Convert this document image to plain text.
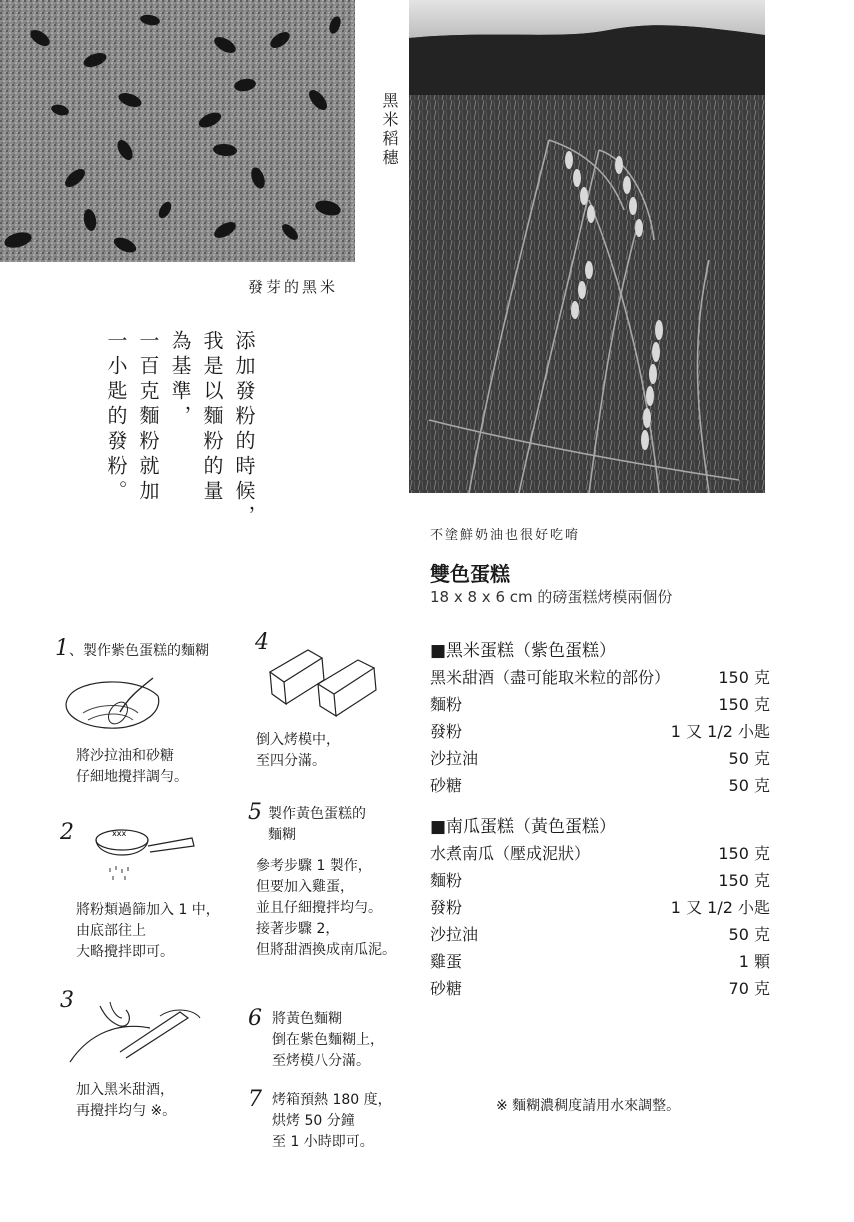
發芽的黑米
黑米稻穗
添加發粉的時候，
我是以麵粉的量
為基準，
一百克麵粉就加
一小匙的發粉。
不塗鮮奶油也很好吃唷
雙色蛋糕
18 x 8 x 6 cm 的磅蛋糕烤模兩個份
■黑米蛋糕（紫色蛋糕）
黑米甜酒（盡可能取米粒的部份）	150 克
麵粉	150 克
發粉	1 又 1/2 小匙
沙拉油	50 克
砂糖	50 克
■南瓜蛋糕（黃色蛋糕）
水煮南瓜（壓成泥狀）	150 克
麵粉	150 克
發粉	1 又 1/2 小匙
沙拉油	50 克
雞蛋	1 顆
砂糖	70 克
※ 麵糊濃稠度請用水來調整。
1、製作紫色蛋糕的麵糊
將沙拉油和砂糖
仔細地攪拌調勻。
2	xxx
將粉類過篩加入 1 中，
由底部往上
大略攪拌即可。
3
加入黑米甜酒，
再攪拌均勻 ※。
4
倒入烤模中，
至四分滿。
5 製作黃色蛋糕的
麵糊
參考步驟 1 製作，
但要加入雞蛋，
並且仔細攪拌均勻。
接著步驟 2，
但將甜酒換成南瓜泥。
6 將黃色麵糊
倒在紫色麵糊上，
至烤模八分滿。
7 烤箱預熱 180 度，
烘烤 50 分鐘
至 1 小時即可。
